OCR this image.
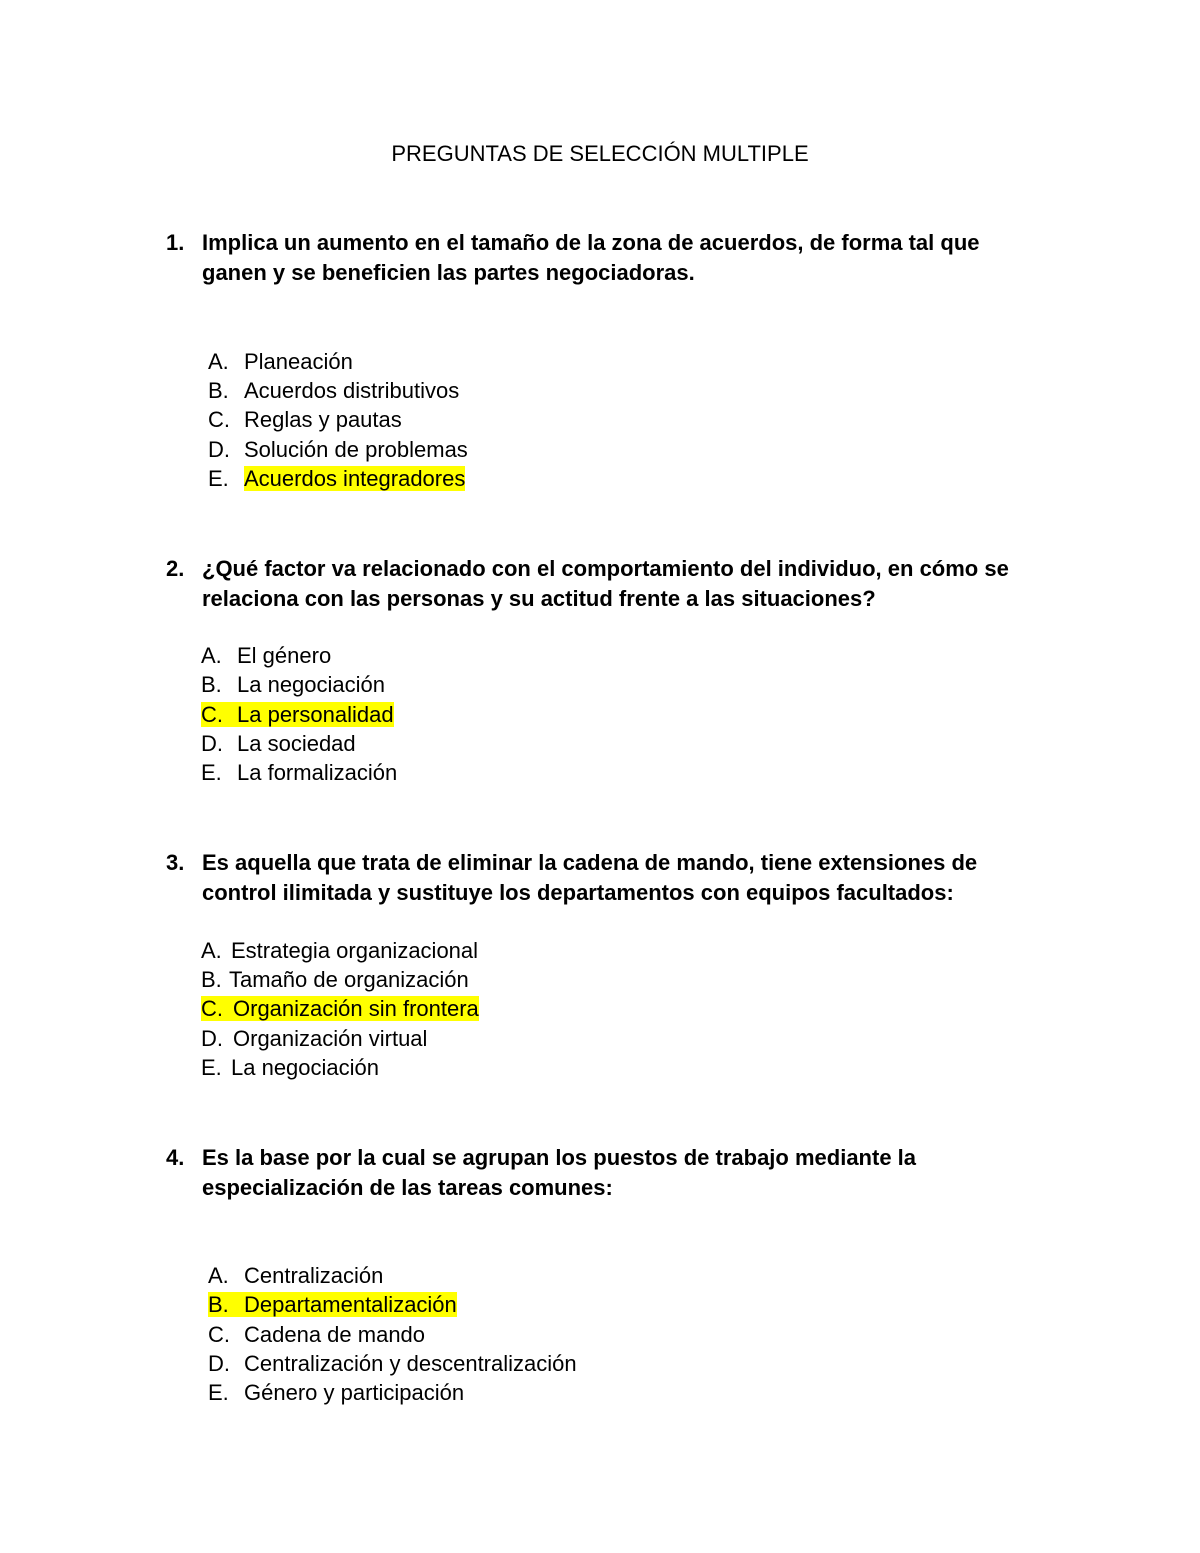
PREGUNTAS DE SELECCIÓN MULTIPLE
1. Implica un aumento en el tamaño de la zona de acuerdos, de forma tal que ganen y se beneficien las partes negociadoras.
A. Planeación
B. Acuerdos distributivos
C. Reglas y pautas
D. Solución de problemas
E. Acuerdos integradores
2. ¿Qué factor va relacionado con el comportamiento del individuo, en cómo se relaciona con las personas y su actitud frente a las situaciones?
A. El género
B. La negociación
C. La personalidad
D. La sociedad
E. La formalización
3. Es aquella que trata de eliminar la cadena de mando, tiene extensiones de control ilimitada y sustituye los departamentos con equipos facultados:
A. Estrategia organizacional
B. Tamaño de organización
C. Organización sin frontera
D. Organización virtual
E. La negociación
4. Es la base por la cual se agrupan los puestos de trabajo mediante la especialización de las tareas comunes:
A. Centralización
B. Departamentalización
C. Cadena de mando
D. Centralización y descentralización
E. Género y participación
